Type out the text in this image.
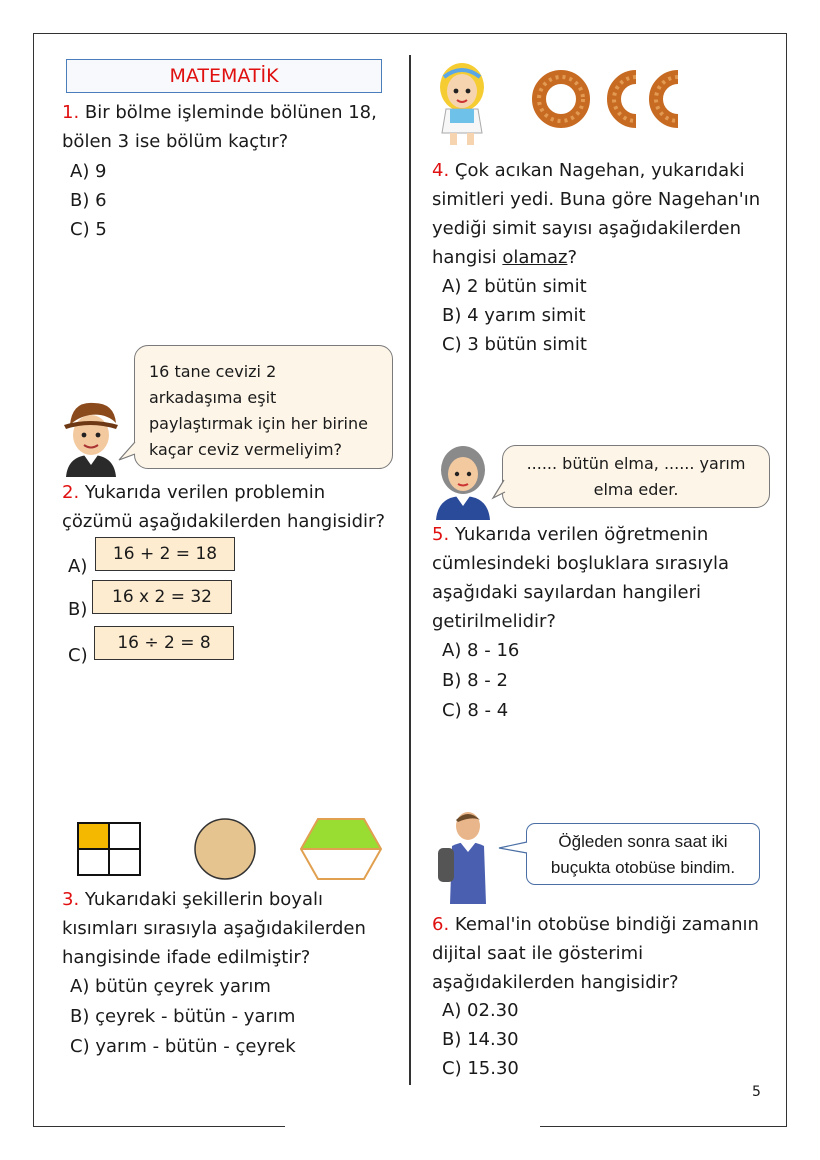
MATEMATİK
1. Bir bölme işleminde bölünen 18,
bölen 3 ise bölüm kaçtır?
A) 9
B) 6
C) 5
16 tane cevizi 2
arkadaşıma eşit
paylaştırmak için her birine
kaçar ceviz vermeliyim?
2. Yukarıda verilen problemin
çözümü aşağıdakilerden hangisidir?
A)
16 + 2 = 18
B)
16 x 2 = 32
C)
16 ÷ 2 = 8
3. Yukarıdaki şekillerin boyalı
kısımları sırasıyla aşağıdakilerden
hangisinde ifade edilmiştir?
A) bütün çeyrek yarım
B) çeyrek - bütün - yarım
C) yarım - bütün - çeyrek
4. Çok acıkan Nagehan, yukarıdaki
simitleri yedi. Buna göre Nagehan'ın
yediği simit sayısı aşağıdakilerden
hangisi olamaz?
A) 2 bütün simit
B) 4 yarım simit
C) 3 bütün simit
...... bütün elma, ...... yarım
elma eder.
5. Yukarıda verilen öğretmenin
cümlesindeki boşluklara sırasıyla
aşağıdaki sayılardan hangileri
getirilmelidir?
A) 8 - 16
B) 8 - 2
C) 8 - 4
Öğleden sonra saat iki
buçukta otobüse bindim.
6. Kemal'in otobüse bindiği zamanın
dijital saat ile gösterimi
aşağıdakilerden hangisidir?
A) 02.30
B) 14.30
C) 15.30
5
